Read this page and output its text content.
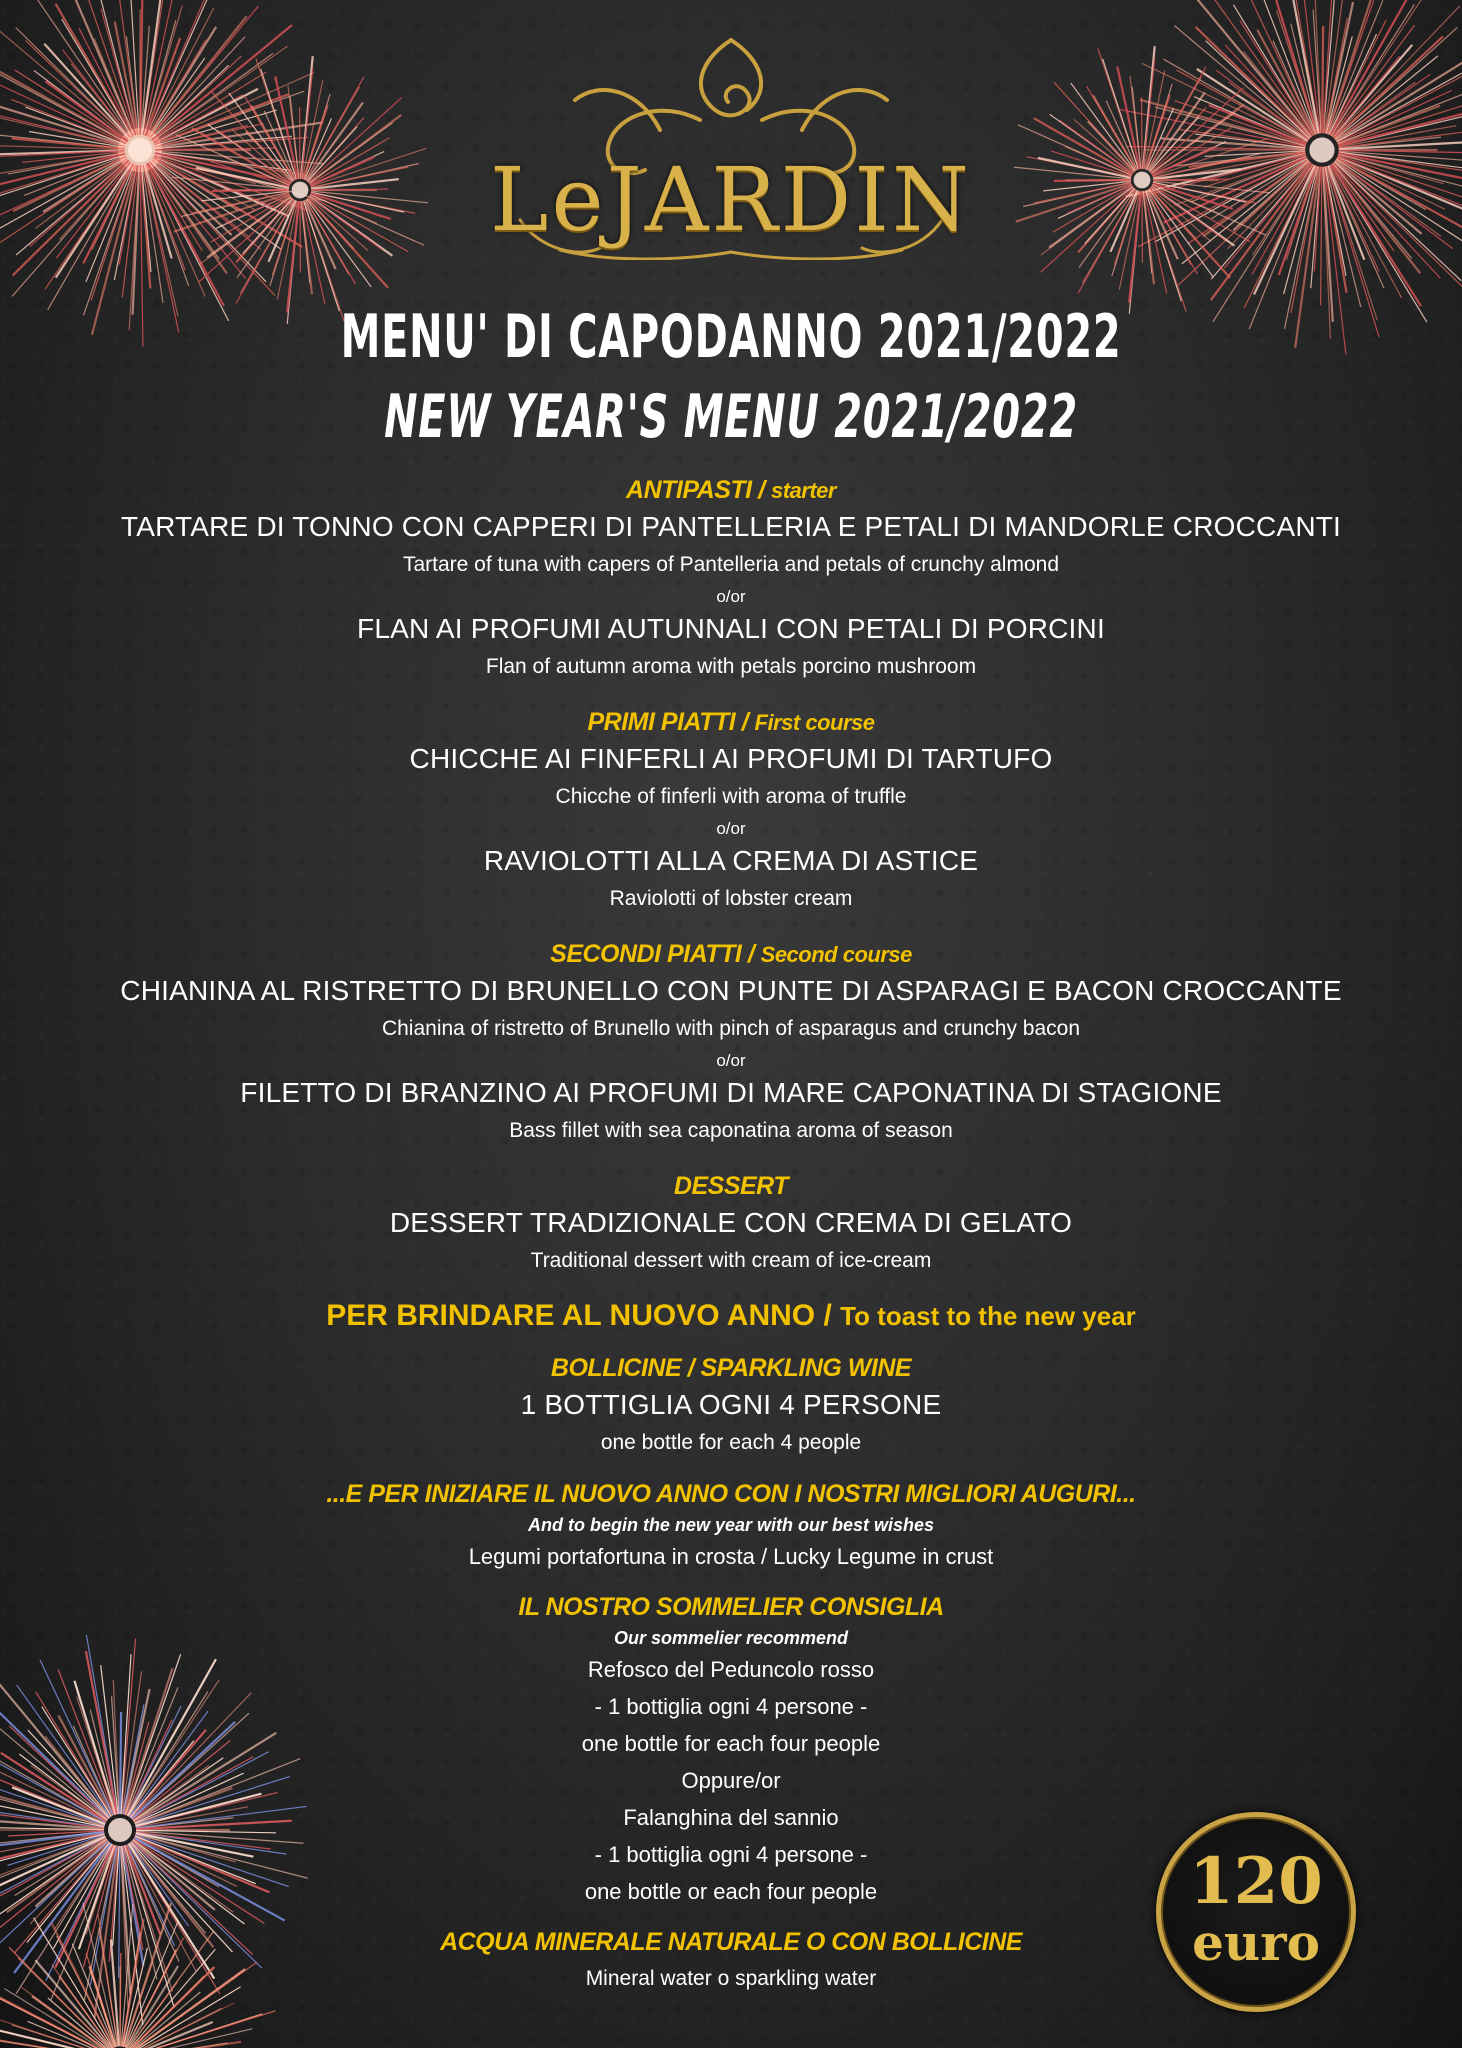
LeJARDIN
MENU' DI CAPODANNO 2021/2022
NEW YEAR'S MENU 2021/2022
ANTIPASTI / starter
TARTARE DI TONNO CON CAPPERI DI PANTELLERIA E PETALI DI MANDORLE CROCCANTI
Tartare of tuna with capers of Pantelleria and petals of crunchy almond
o/or
FLAN AI PROFUMI AUTUNNALI CON PETALI DI PORCINI
Flan of autumn aroma with petals porcino mushroom
PRIMI PIATTI / First course
CHICCHE AI FINFERLI AI PROFUMI DI TARTUFO
Chicche of finferli with aroma of truffle
o/or
RAVIOLOTTI ALLA CREMA DI ASTICE
Raviolotti of lobster cream
SECONDI PIATTI / Second course
CHIANINA AL RISTRETTO DI BRUNELLO CON PUNTE DI ASPARAGI E BACON CROCCANTE
Chianina of ristretto of Brunello with pinch of asparagus and crunchy bacon
o/or
FILETTO DI BRANZINO AI PROFUMI DI MARE CAPONATINA DI STAGIONE
Bass fillet with sea caponatina aroma of season
DESSERT
DESSERT TRADIZIONALE CON CREMA DI GELATO
Traditional dessert with cream of ice-cream
PER BRINDARE AL NUOVO ANNO / To toast to the new year
BOLLICINE / SPARKLING WINE
1 BOTTIGLIA OGNI 4 PERSONE
one bottle for each 4 people
...E PER INIZIARE IL NUOVO ANNO CON I NOSTRI MIGLIORI AUGURI...
And to begin the new year with our best wishes
Legumi portafortuna in crosta / Lucky Legume in crust
IL NOSTRO SOMMELIER CONSIGLIA
Our sommelier recommend
Refosco del Peduncolo rosso
- 1 bottiglia ogni 4 persone -
one bottle for each four people
Oppure/or
Falanghina del sannio
- 1 bottiglia ogni 4 persone -
one bottle or each four people
ACQUA MINERALE NATURALE O CON BOLLICINE
Mineral water o sparkling water
120
euro
